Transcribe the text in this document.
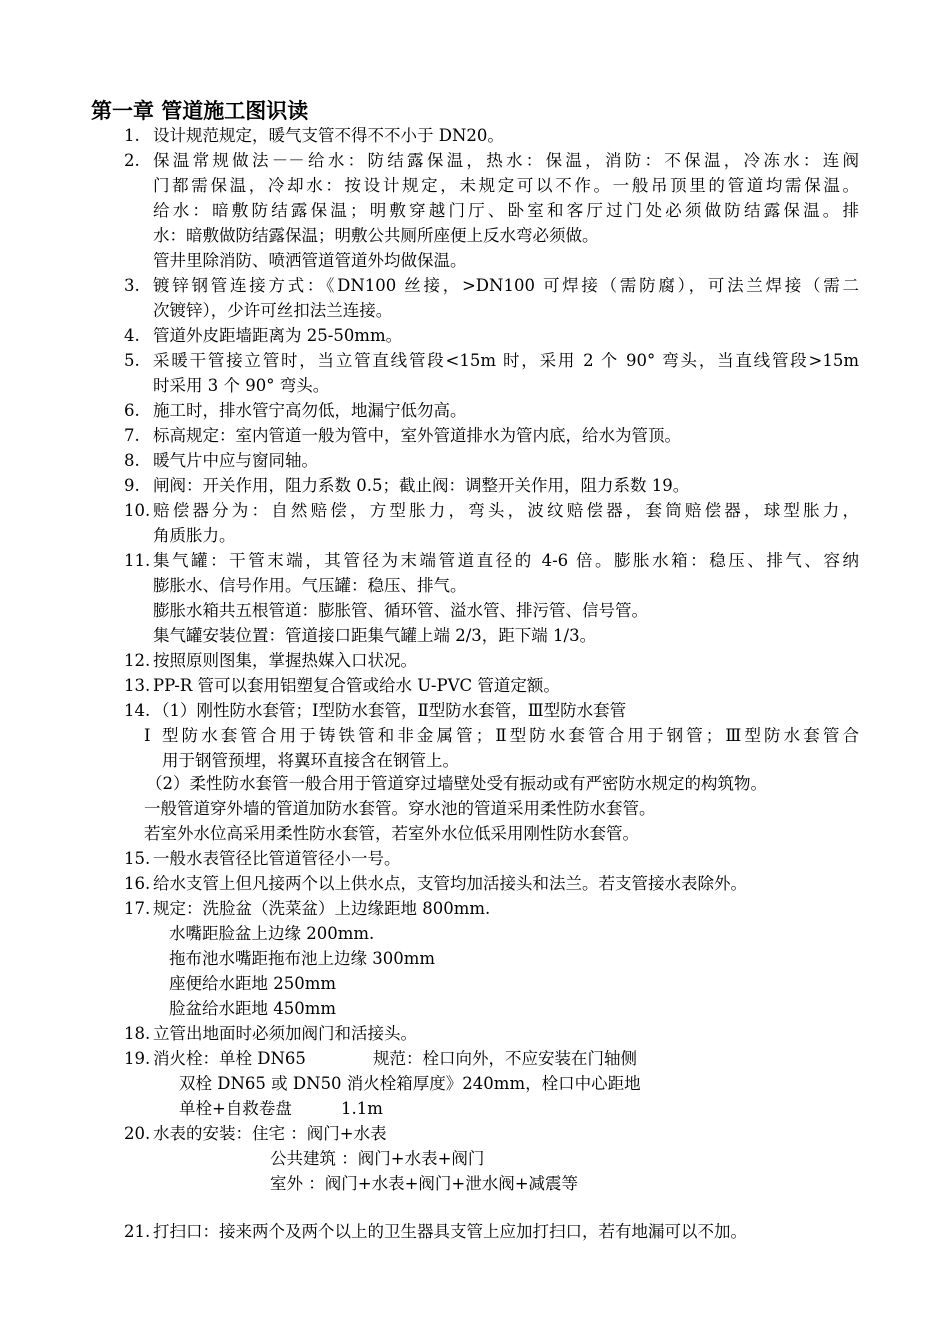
第一章 管道施工图识读
1. 设计规范规定，暖气支管不得不不小于 DN20。
2. 保温常规做法－－给水：防结露保温，热水：保温，消防：不保温，冷冻水：连阀
门都需保温，冷却水：按设计规定，未规定可以不作。一般吊顶里的管道均需保温。
给水：暗敷防结露保温；明敷穿越门厅、卧室和客厅过门处必须做防结露保温。排
水：暗敷做防结露保温；明敷公共厕所座便上反水弯必须做。
管井里除消防、喷洒管道管道外均做保温。
3. 镀锌钢管连接方式：《DN100 丝接，>DN100 可焊接（需防腐），可法兰焊接（需二
次镀锌），少许可丝扣法兰连接。
4. 管道外皮距墙距离为 25-50mm。
5. 采暖干管接立管时，当立管直线管段<15m 时，采用 2 个 90° 弯头，当直线管段>15m
时采用 3 个 90° 弯头。
6. 施工时，排水管宁高勿低，地漏宁低勿高。
7. 标高规定：室内管道一般为管中，室外管道排水为管内底，给水为管顶。
8. 暖气片中应与窗同轴。
9. 闸阀：开关作用，阻力系数 0.5；截止阀：调整开关作用，阻力系数 19。
10. 赔偿器分为：自然赔偿，方型胀力，弯头，波纹赔偿器，套筒赔偿器，球型胀力，
角质胀力。
11. 集气罐：干管末端，其管径为末端管道直径的 4-6 倍。膨胀水箱：稳压、排气、容纳
膨胀水、信号作用。气压罐：稳压、排气。
膨胀水箱共五根管道：膨胀管、循环管、溢水管、排污管、信号管。
集气罐安装位置：管道接口距集气罐上端 2/3，距下端 1/3。
12. 按照原则图集，掌握热媒入口状况。
13. PP-R 管可以套用铝塑复合管或给水 U-PVC 管道定额。
14. （1）刚性防水套管；Ⅰ型防水套管，Ⅱ型防水套管，Ⅲ型防水套管
Ⅰ 型防水套管合用于铸铁管和非金属管；Ⅱ型防水套管合用于钢管；Ⅲ型防水套管合
用于钢管预埋，将翼环直接含在钢管上。
（2）柔性防水套管一般合用于管道穿过墙壁处受有振动或有严密防水规定的构筑物。
一般管道穿外墙的管道加防水套管。穿水池的管道采用柔性防水套管。
若室外水位高采用柔性防水套管，若室外水位低采用刚性防水套管。
15. 一般水表管径比管道管径小一号。
16. 给水支管上但凡接两个以上供水点，支管均加活接头和法兰。若支管接水表除外。
17. 规定：洗脸盆（洗菜盆）上边缘距地 800mm.
水嘴距脸盆上边缘 200mm.
拖布池水嘴距拖布池上边缘 300mm
座便给水距地 250mm
脸盆给水距地 450mm
18. 立管出地面时必须加阀门和活接头。
19. 消火栓：单栓 DN65	规范：栓口向外，不应安装在门轴侧
双栓 DN65 或 DN50 消火栓箱厚度》240mm，栓口中心距地
单栓+自救卷盘	1.1m
20. 水表的安装：住宅 ：阀门+水表
公共建筑 ：阀门+水表+阀门
室外 ：阀门+水表+阀门+泄水阀+减震等
21. 打扫口：接来两个及两个以上的卫生器具支管上应加打扫口，若有地漏可以不加。
